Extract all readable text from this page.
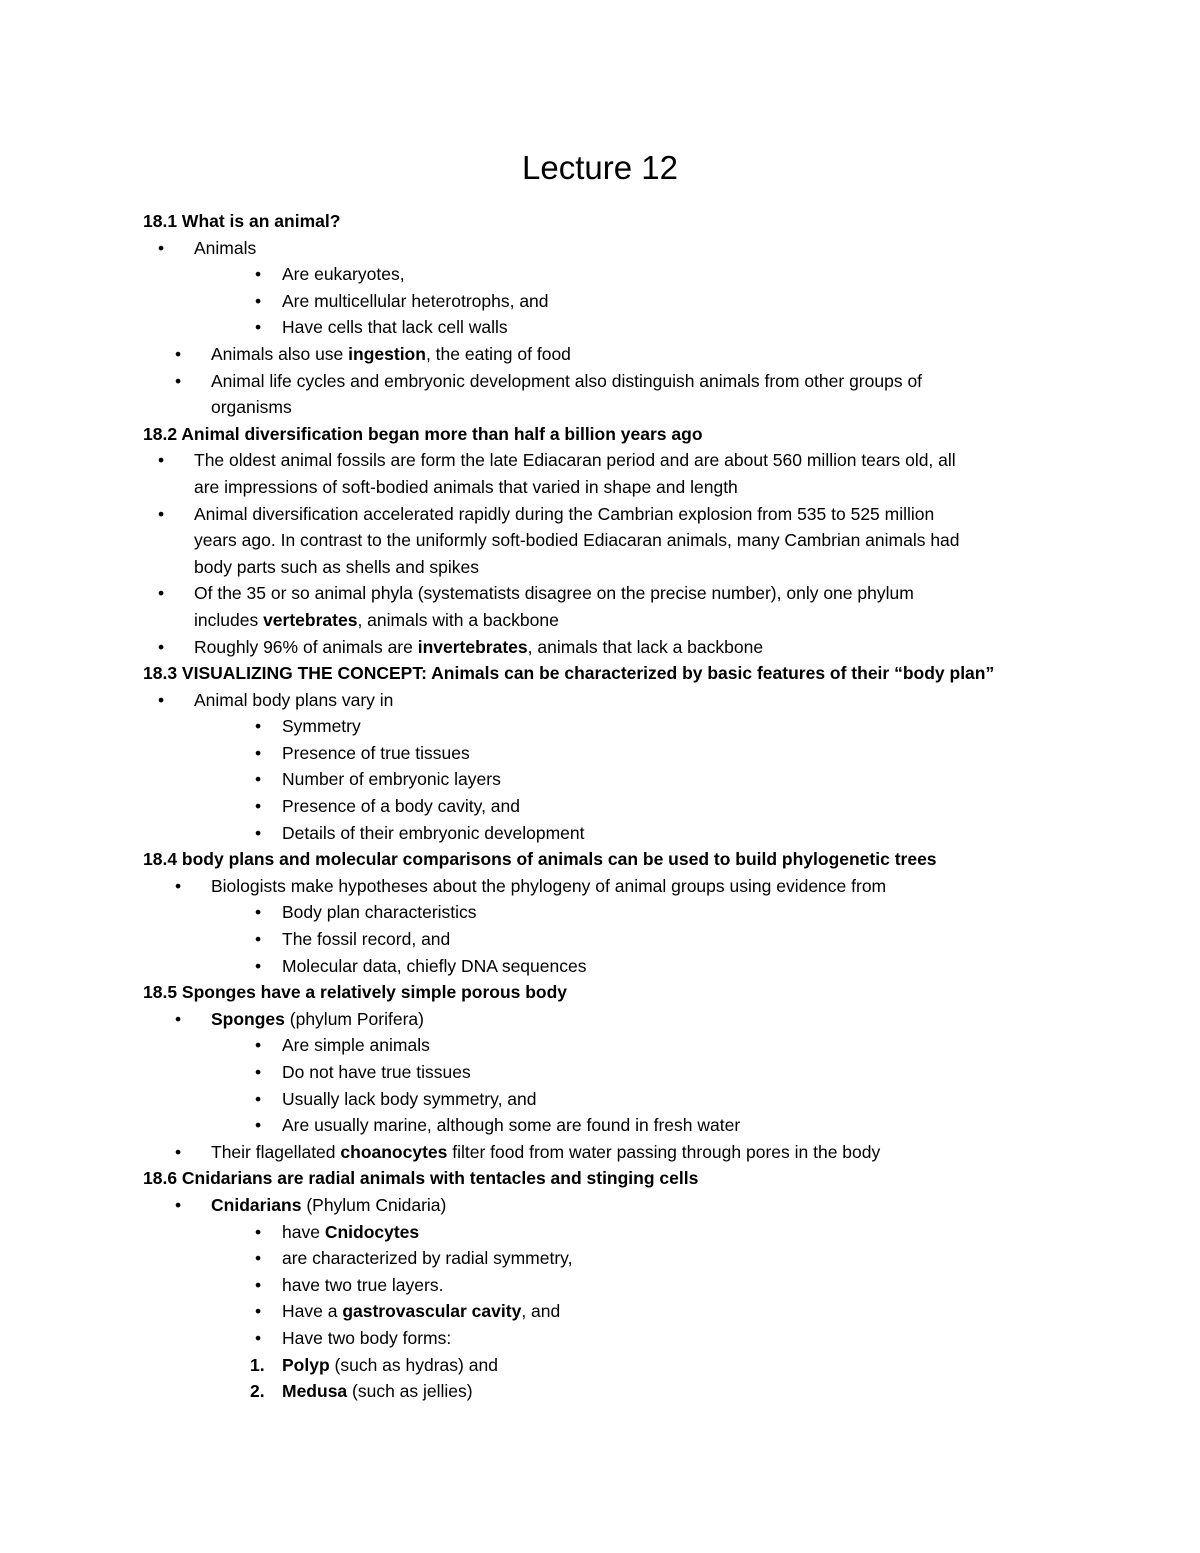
Lecture 12
18.1 What is an animal?
•	Animals
•	Are eukaryotes,
•	Are multicellular heterotrophs, and
•	Have cells that lack cell walls
•	Animals also use ingestion, the eating of food
•	Animal life cycles and embryonic development also distinguish animals from other groups of
organisms
18.2 Animal diversification began more than half a billion years ago
•	The oldest animal fossils are form the late Ediacaran period and are about 560 million tears old, all
are impressions of soft-bodied animals that varied in shape and length
•	Animal diversification accelerated rapidly during the Cambrian explosion from 535 to 525 million
years ago. In contrast to the uniformly soft-bodied Ediacaran animals, many Cambrian animals had
body parts such as shells and spikes
•	Of the 35 or so animal phyla (systematists disagree on the precise number), only one phylum
includes vertebrates, animals with a backbone
•	Roughly 96% of animals are invertebrates, animals that lack a backbone
18.3 VISUALIZING THE CONCEPT: Animals can be characterized by basic features of their “body plan”
•	Animal body plans vary in
•	Symmetry
•	Presence of true tissues
•	Number of embryonic layers
•	Presence of a body cavity, and
•	Details of their embryonic development
18.4 body plans and molecular comparisons of animals can be used to build phylogenetic trees
•	Biologists make hypotheses about the phylogeny of animal groups using evidence from
•	Body plan characteristics
•	The fossil record, and
•	Molecular data, chiefly DNA sequences
18.5 Sponges have a relatively simple porous body
•	Sponges (phylum Porifera)
•	Are simple animals
•	Do not have true tissues
•	Usually lack body symmetry, and
•	Are usually marine, although some are found in fresh water
•	Their flagellated choanocytes filter food from water passing through pores in the body
18.6 Cnidarians are radial animals with tentacles and stinging cells
•	Cnidarians (Phylum Cnidaria)
•	have Cnidocytes
•	are characterized by radial symmetry,
•	have two true layers.
•	Have a gastrovascular cavity, and
•	Have two body forms:
1. Polyp (such as hydras) and
2. Medusa (such as jellies)
